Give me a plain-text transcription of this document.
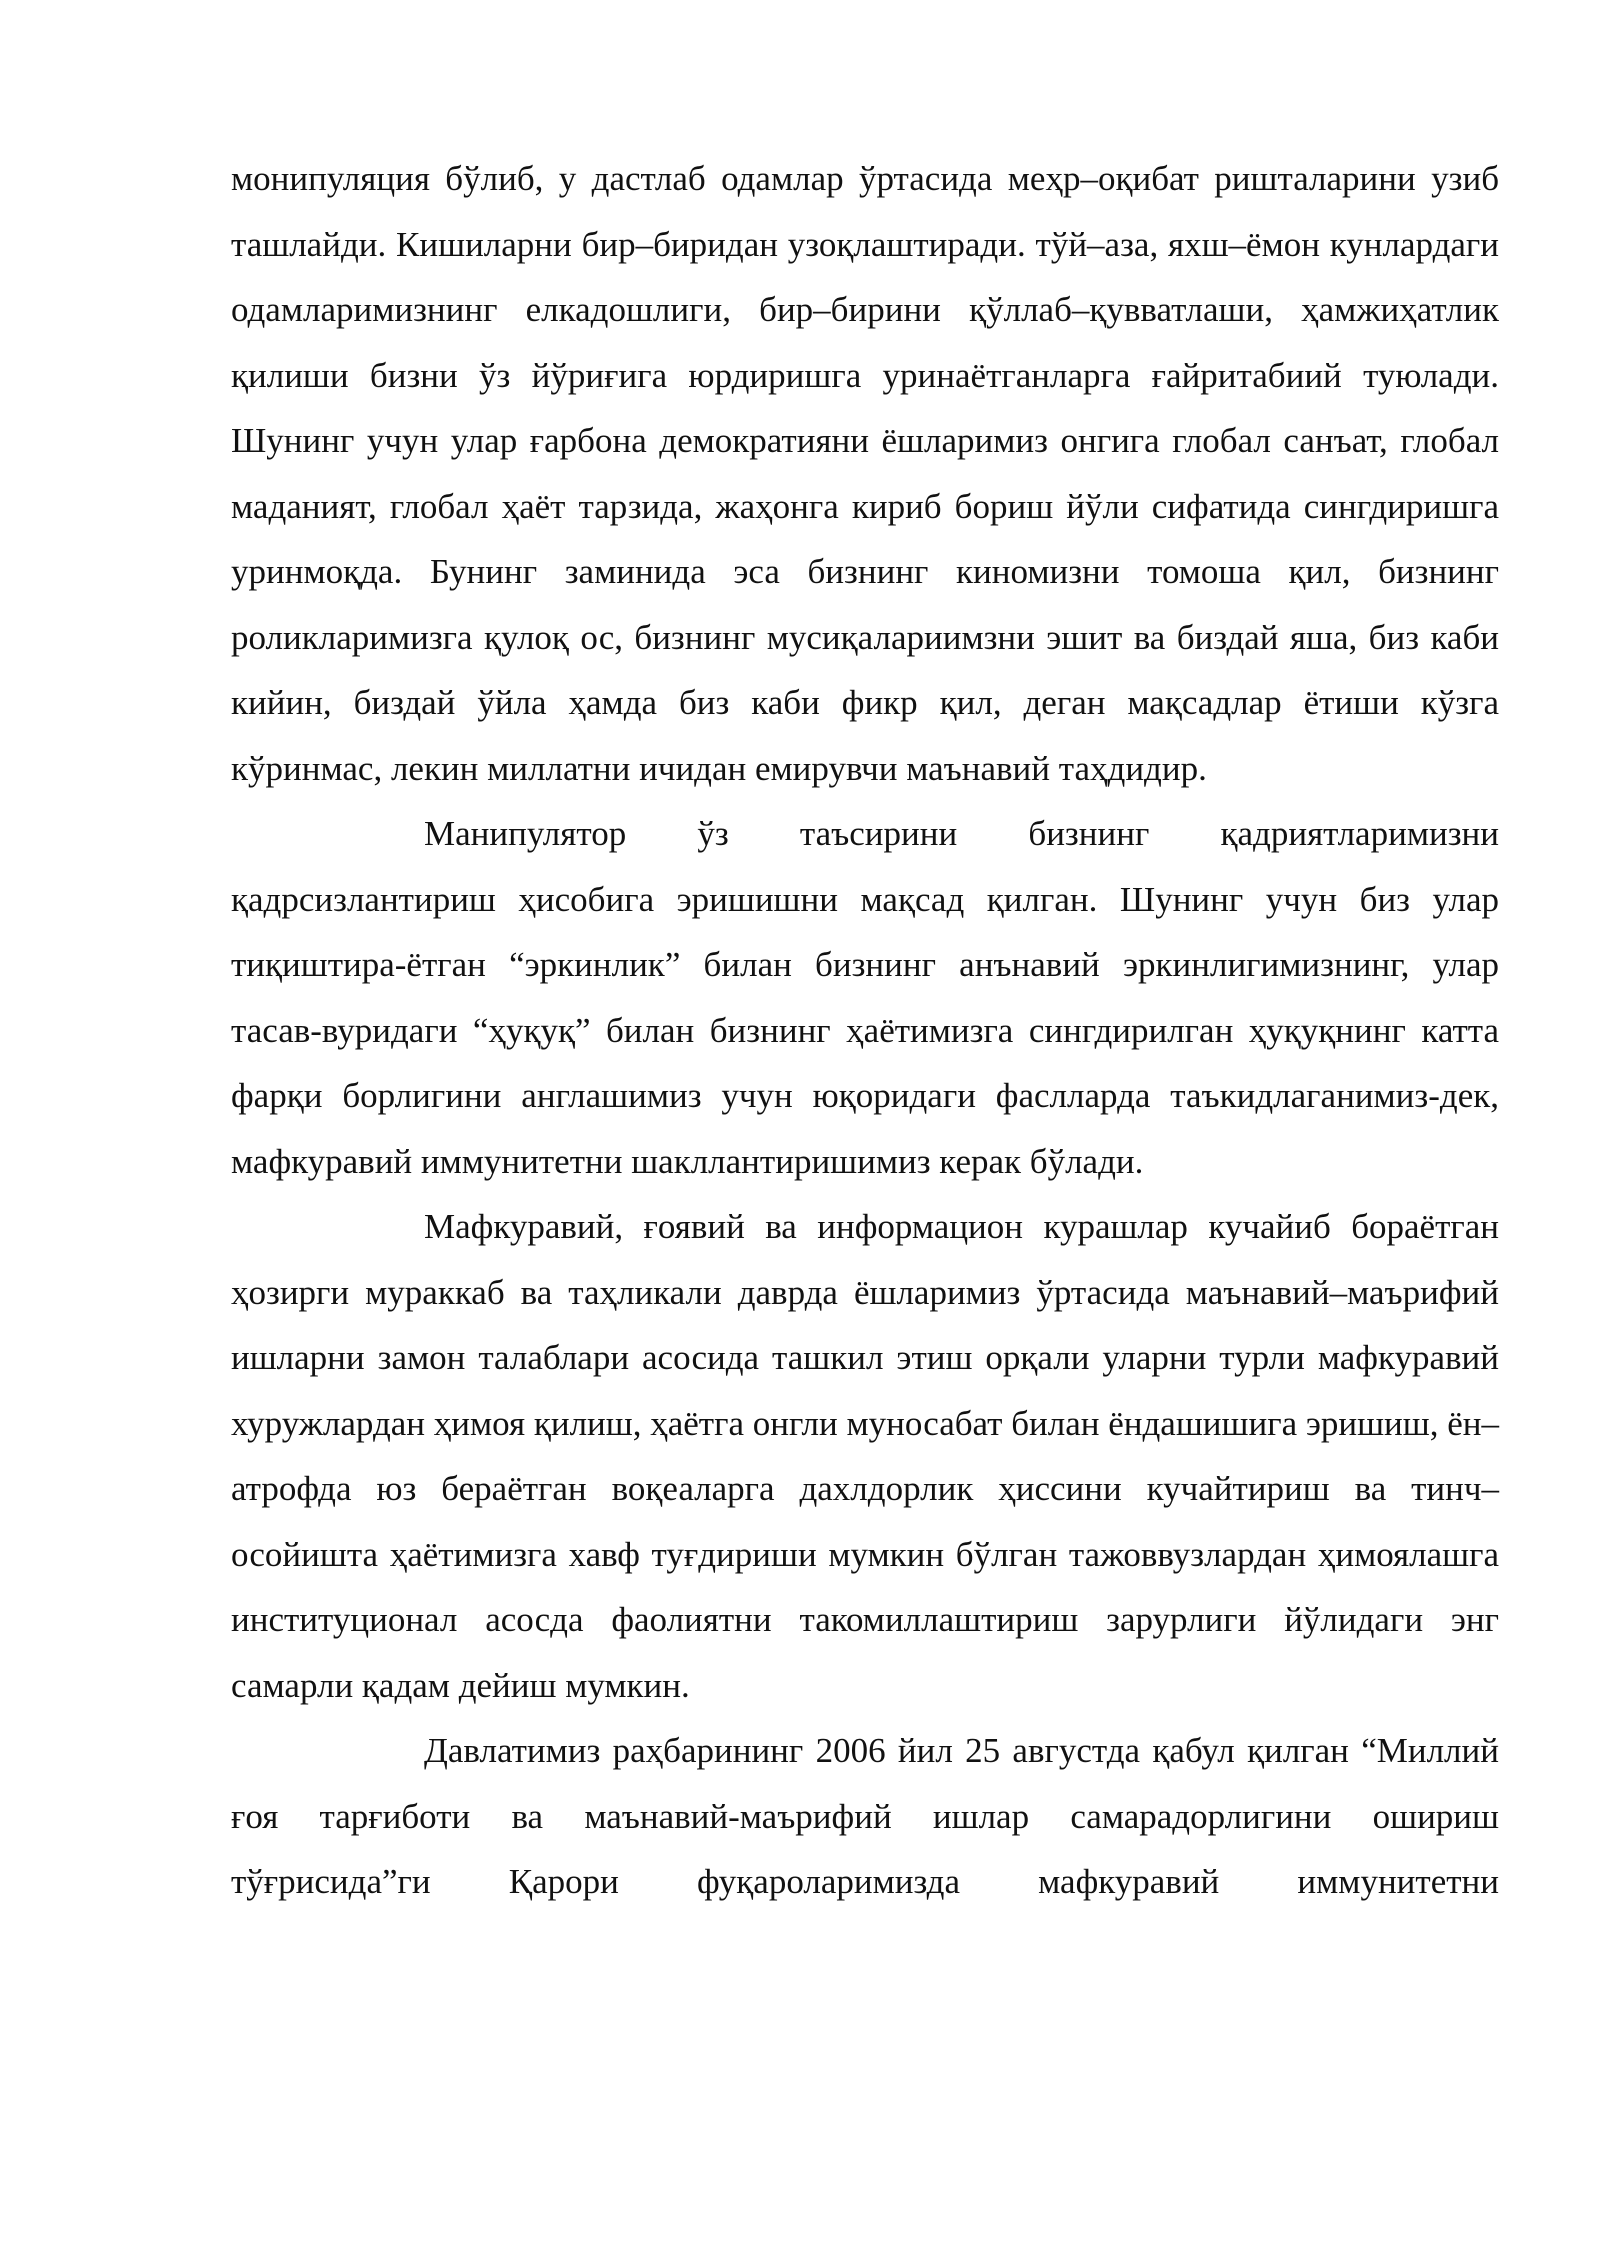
монипуляция бўлиб, у дастлаб одамлар ўртасида меҳр–оқибат ришталарини узиб ташлайди. Кишиларни бир–биридан узоқлаштиради. тўй–аза, яхш–ёмон кунлардаги одамларимизнинг елкадошлиги, бир–бирини қўллаб–қувватлаши, ҳамжиҳатлик қилиши бизни ўз йўриғига юрдиришга уринаётганларга ғайритабиий туюлади. Шунинг учун улар ғарбона демократияни ёшларимиз онгига глобал санъат, глобал маданият, глобал ҳаёт тарзида, жаҳонга кириб бориш йўли сифатида сингдиришга уринмоқда. Бунинг заминида эса бизнинг киномизни томоша қил, бизнинг роликларимизга қулоқ ос, бизнинг мусиқалариимзни эшит ва биздай яша, биз каби кийин, биздай ўйла ҳамда биз каби фикр қил, деган мақсадлар ётиши кўзга кўринмас, лекин миллатни ичидан емирувчи маънавий таҳдидир.

Манипулятор ўз таъсирини бизнинг қадриятларимизни қадрсизлантириш ҳисобига эришишни мақсад қилган. Шунинг учун биз улар тиқиштира-ётган “эркинлик” билан бизнинг анънавий эркинлигимизнинг, улар тасав-вуридаги “ҳуқуқ” билан бизнинг ҳаётимизга сингдирилган ҳуқуқнинг катта фарқи борлигини англашимиз учун юқоридаги фаслларда таъкидлаганимиз-дек, мафкуравий иммунитетни шакллантиришимиз керак бўлади.

Мафкуравий, ғоявий ва информацион курашлар кучайиб бораётган ҳозирги мураккаб ва таҳликали даврда ёшларимиз ўртасида маънавий–маърифий ишларни замон талаблари асосида ташкил этиш орқали уларни турли мафкуравий хуружлардан ҳимоя қилиш, ҳаётга онгли муносабат билан ёндашишига эришиш, ён–атрофда юз бераётган воқеаларга дахлдорлик ҳиссини кучайтириш ва тинч–осойишта ҳаётимизга хавф туғдириши мумкин бўлган тажоввузлардан ҳимоялашга институционал асосда фаолиятни такомиллаштириш зарурлиги йўлидаги энг самарли қадам дейиш мумкин.

Давлатимиз раҳбарининг 2006 йил 25 августда қабул қилган “Миллий ғоя тарғиботи ва маънавий-маърифий ишлар самарадорлигини ошириш тўғрисида”ги Қарори фуқароларимизда мафкуравий иммунитетни
